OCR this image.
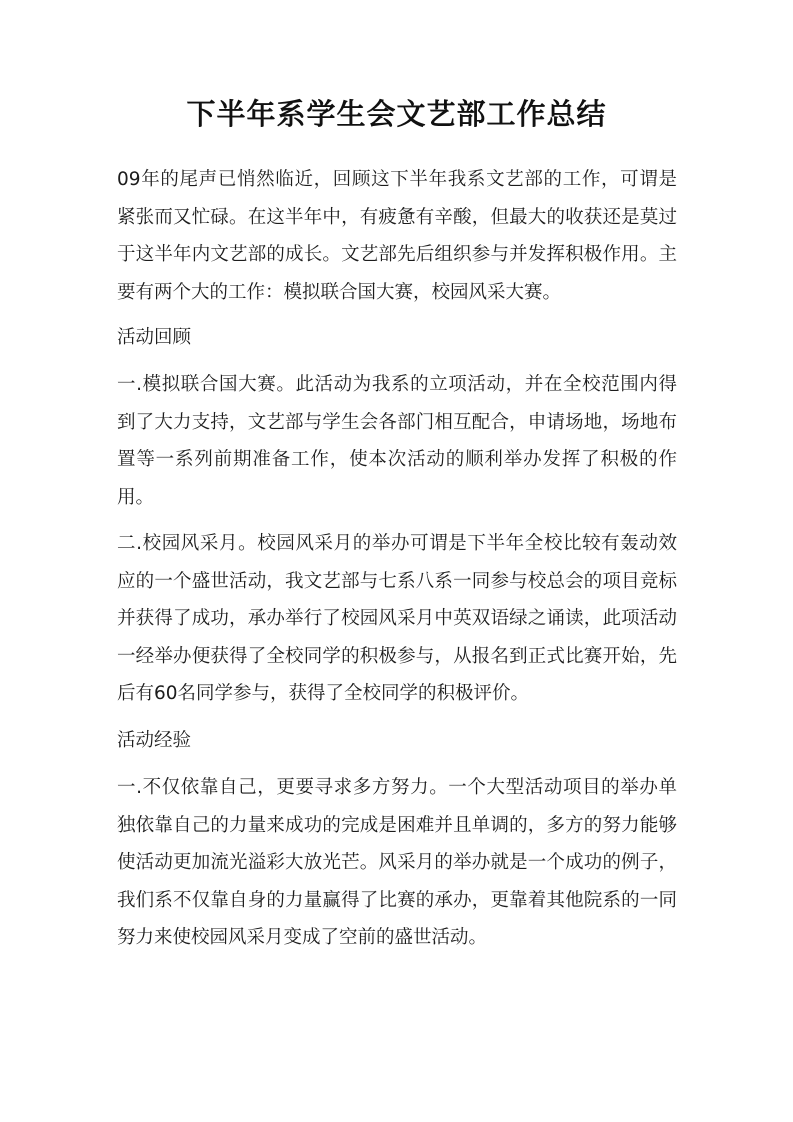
下半年系学生会文艺部工作总结

09年的尾声已悄然临近，回顾这下半年我系文艺部的工作，可谓是紧张而又忙碌。在这半年中，有疲惫有辛酸，但最大的收获还是莫过于这半年内文艺部的成长。文艺部先后组织参与并发挥积极作用。主要有两个大的工作：模拟联合国大赛，校园风采大赛。

活动回顾

一.模拟联合国大赛。此活动为我系的立项活动，并在全校范围内得到了大力支持，文艺部与学生会各部门相互配合，申请场地，场地布置等一系列前期准备工作，使本次活动的顺利举办发挥了积极的作用。

二.校园风采月。校园风采月的举办可谓是下半年全校比较有轰动效应的一个盛世活动，我文艺部与七系八系一同参与校总会的项目竞标并获得了成功，承办举行了校园风采月中英双语绿之诵读，此项活动一经举办便获得了全校同学的积极参与，从报名到正式比赛开始，先后有60名同学参与，获得了全校同学的积极评价。

活动经验

一.不仅依靠自己，更要寻求多方努力。一个大型活动项目的举办单独依靠自己的力量来成功的完成是困难并且单调的，多方的努力能够使活动更加流光溢彩大放光芒。风采月的举办就是一个成功的例子，我们系不仅靠自身的力量赢得了比赛的承办，更靠着其他院系的一同努力来使校园风采月变成了空前的盛世活动。
